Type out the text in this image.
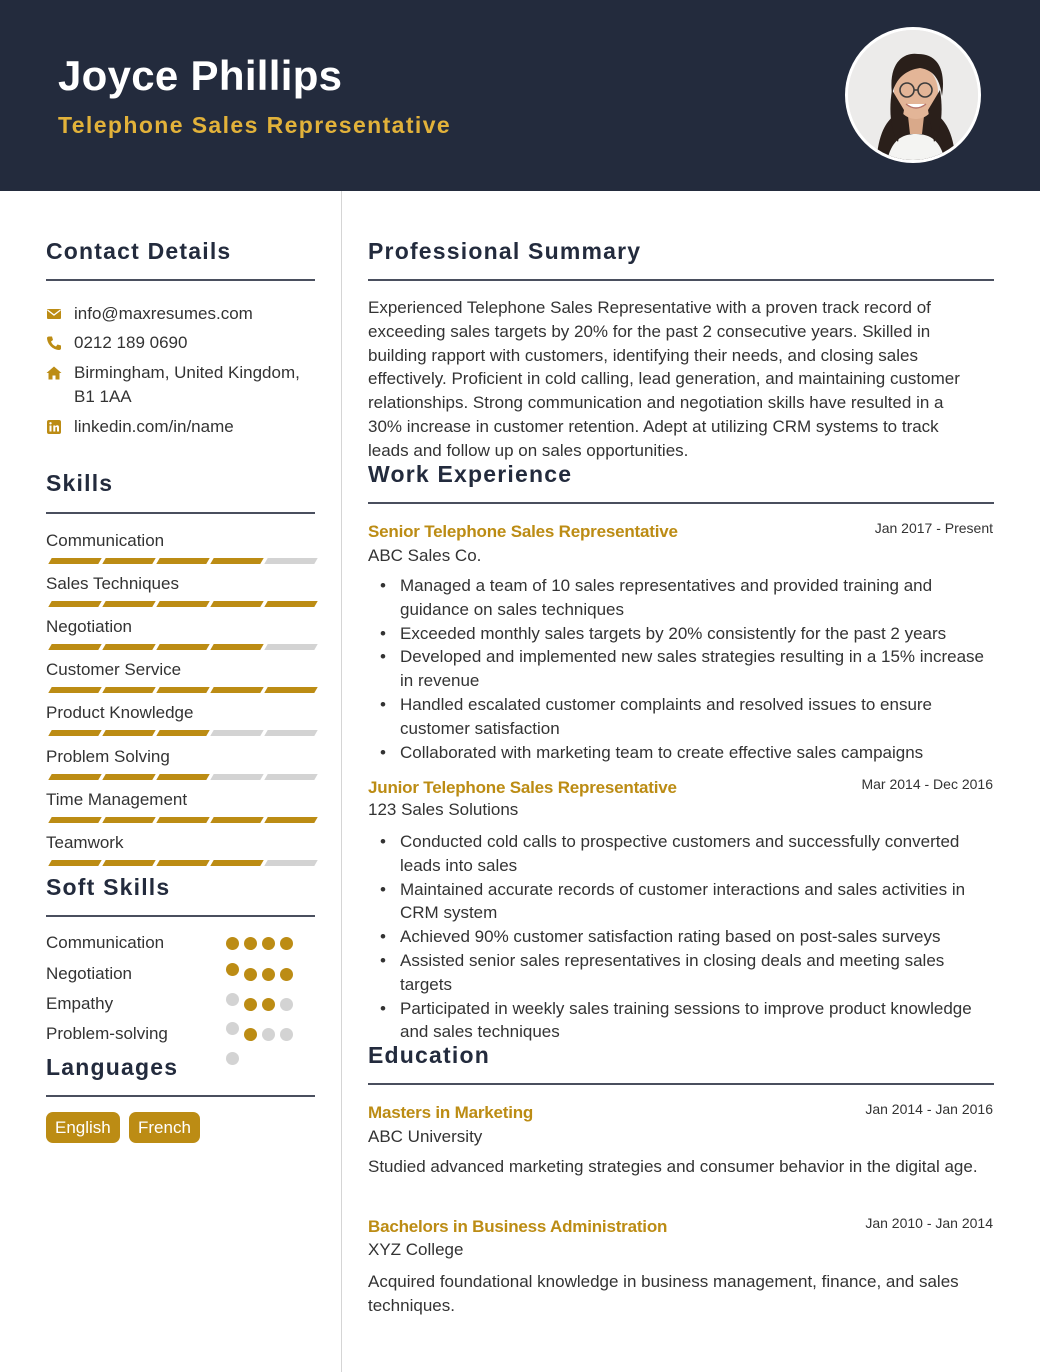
Joyce Phillips
Telephone Sales Representative
Contact Details
info@maxresumes.com
0212 189 0690
Birmingham, United Kingdom,
B1 1AA
linkedin.com/in/name
Skills
Communication
Sales Techniques
Negotiation
Customer Service
Product Knowledge
Problem Solving
Time Management
Teamwork
Soft Skills
Communication
Negotiation
Empathy
Problem-solving
Languages
English	French
Professional Summary

Experienced Telephone Sales Representative with a proven track record of exceeding sales targets by 20% for the past 2 consecutive years. Skilled in building rapport with customers, identifying their needs, and closing sales effectively. Proficient in cold calling, lead generation, and maintaining customer relationships. Strong communication and negotiation skills have resulted in a 30% increase in customer retention. Adept at utilizing CRM systems to track leads and follow up on sales opportunities.

Work Experience
Senior Telephone Sales Representative	Jan 2017 - Present
ABC Sales Co.
• Managed a team of 10 sales representatives and provided training and guidance on sales techniques
• Exceeded monthly sales targets by 20% consistently for the past 2 years
• Developed and implemented new sales strategies resulting in a 15% increase in revenue
• Handled escalated customer complaints and resolved issues to ensure customer satisfaction
• Collaborated with marketing team to create effective sales campaigns
Junior Telephone Sales Representative	Mar 2014 - Dec 2016
123 Sales Solutions
• Conducted cold calls to prospective customers and successfully converted leads into sales
• Maintained accurate records of customer interactions and sales activities in CRM system
• Achieved 90% customer satisfaction rating based on post-sales surveys
• Assisted senior sales representatives in closing deals and meeting sales targets
• Participated in weekly sales training sessions to improve product knowledge and sales techniques
Education
Masters in Marketing	Jan 2014 - Jan 2016
ABC University

Studied advanced marketing strategies and consumer behavior in the digital age.

Bachelors in Business Administration	Jan 2010 - Jan 2014
XYZ College

Acquired foundational knowledge in business management, finance, and sales techniques.
